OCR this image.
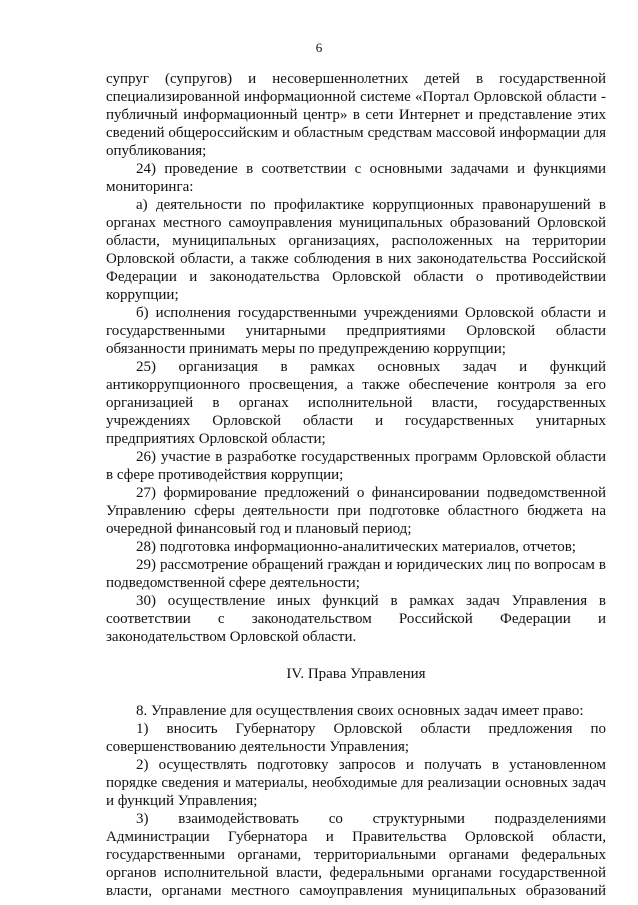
6

супруг (супругов) и несовершеннолетних детей в государственной специализированной информационной системе «Портал Орловской области - публичный информационный центр» в сети Интернет и представление этих сведений общероссийским и областным средствам массовой информации для опубликования;

24) проведение в соответствии с основными задачами и функциями мониторинга:

а) деятельности по профилактике коррупционных правонарушений в органах местного самоуправления муниципальных образований Орловской области, муниципальных организациях, расположенных на территории Орловской области, а также соблюдения в них законодательства Российской Федерации и законодательства Орловской области о противодействии коррупции;

б) исполнения государственными учреждениями Орловской области и государственными унитарными предприятиями Орловской области обязанности принимать меры по предупреждению коррупции;

25) организация в рамках основных задач и функций антикоррупционного просвещения, а также обеспечение контроля за его организацией в органах исполнительной власти, государственных учреждениях Орловской области и государственных унитарных предприятиях Орловской области;

26) участие в разработке государственных программ Орловской области в сфере противодействия коррупции;

27) формирование предложений о финансировании подведомственной Управлению сферы деятельности при подготовке областного бюджета на очередной финансовый год и плановый период;

28) подготовка информационно-аналитических материалов, отчетов;

29) рассмотрение обращений граждан и юридических лиц по вопросам в подведомственной сфере деятельности;

30) осуществление иных функций в рамках задач Управления в соответствии с законодательством Российской Федерации и законодательством Орловской области.

IV. Права Управления

8. Управление для осуществления своих основных задач имеет право:

1) вносить Губернатору Орловской области предложения по совершенствованию деятельности Управления;

2) осуществлять подготовку запросов и получать в установленном порядке сведения и материалы, необходимые для реализации основных задач и функций Управления;

3) взаимодействовать со структурными подразделениями Администрации Губернатора и Правительства Орловской области, государственными органами, территориальными органами федеральных органов исполнительной власти, федеральными органами государственной власти, органами местного самоуправления муниципальных образований
